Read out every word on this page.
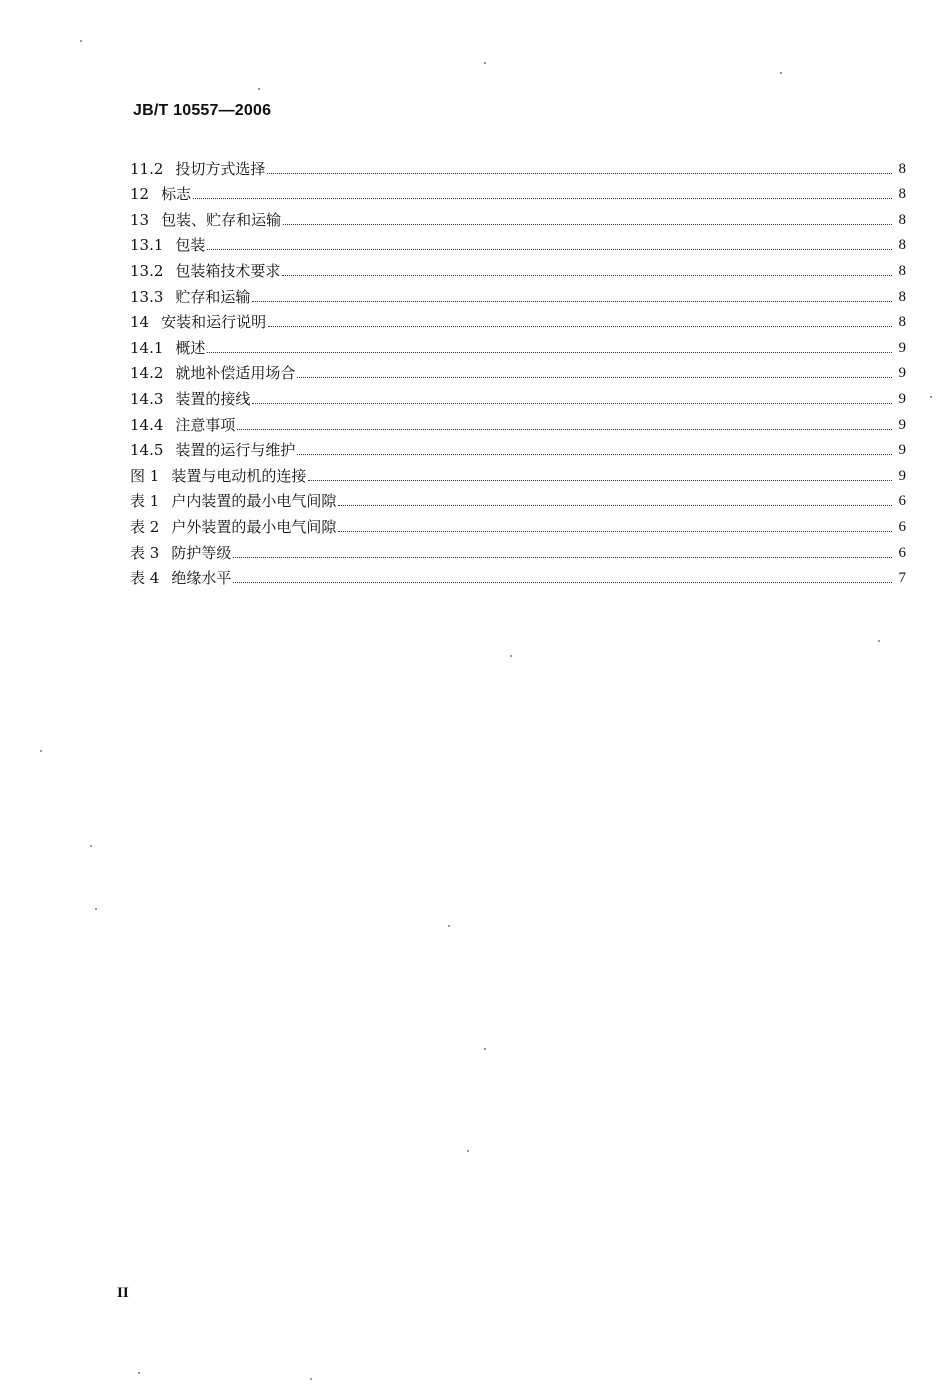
JB/T 10557—2006
11.2 投切方式选择	8
12 标志	8
13 包装、贮存和运输	8
13.1 包装	8
13.2 包装箱技术要求	8
13.3 贮存和运输	8
14 安装和运行说明	8
14.1 概述	9
14.2 就地补偿适用场合	9
14.3 装置的接线	9
14.4 注意事项	9
14.5 装置的运行与维护	9
图 1 装置与电动机的连接	9
表 1 户内装置的最小电气间隙	6
表 2 户外装置的最小电气间隙	6
表 3 防护等级	6
表 4 绝缘水平	7
II
